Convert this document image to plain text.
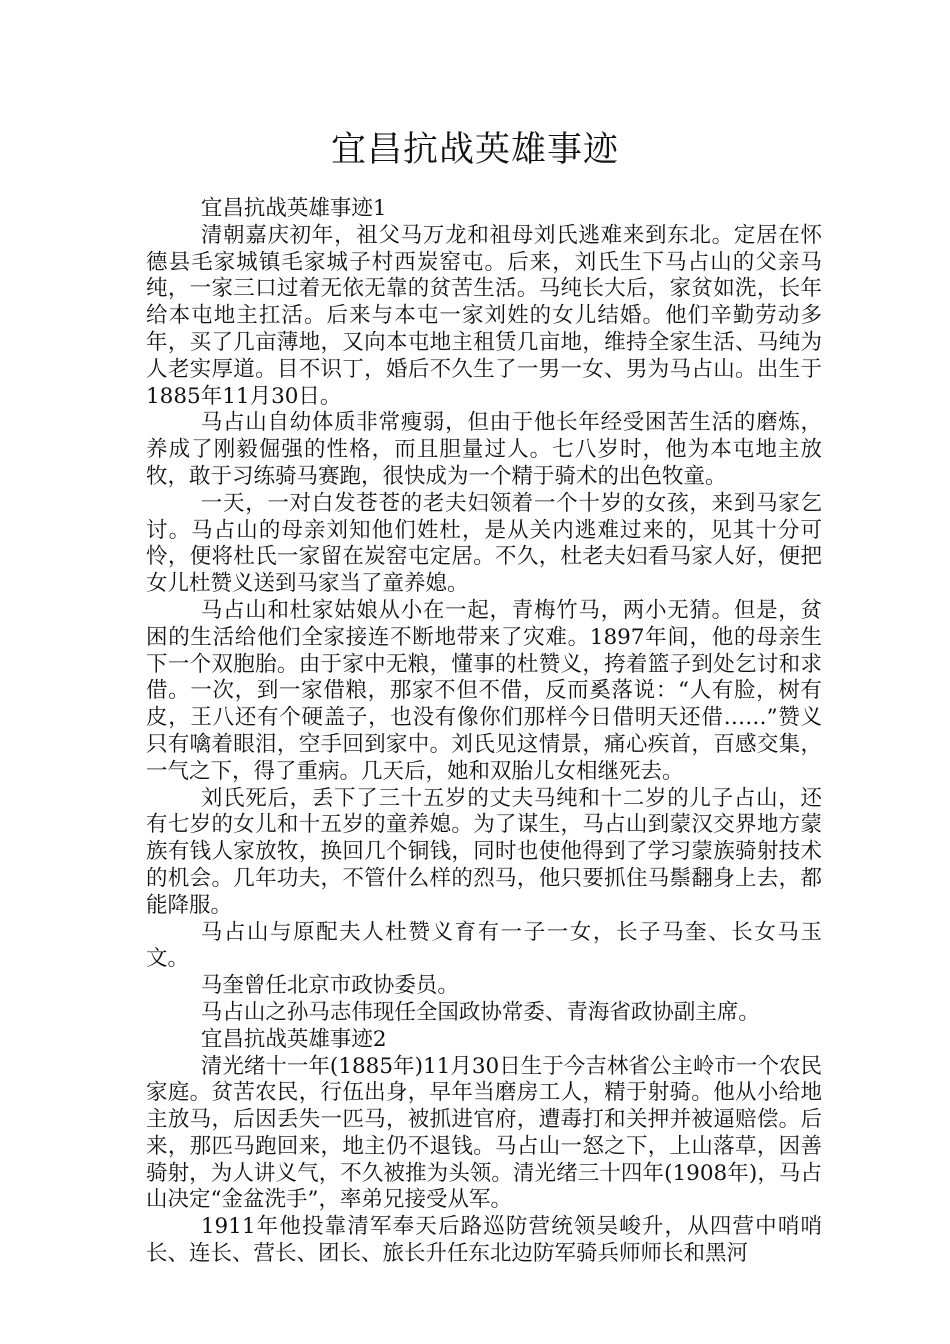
宜昌抗战英雄事迹

宜昌抗战英雄事迹1

清朝嘉庆初年，祖父马万龙和祖母刘氏逃难来到东北。定居在怀德县毛家城镇毛家城子村西炭窑屯。后来，刘氏生下马占山的父亲马纯，一家三口过着无依无靠的贫苦生活。马纯长大后，家贫如洗，长年给本屯地主扛活。后来与本屯一家刘姓的女儿结婚。他们辛勤劳动多年，买了几亩薄地，又向本屯地主租赁几亩地，维持全家生活、马纯为人老实厚道。目不识丁，婚后不久生了一男一女、男为马占山。出生于1885年11月30日。

马占山自幼体质非常瘦弱，但由于他长年经受困苦生活的磨炼，养成了刚毅倔强的性格，而且胆量过人。七八岁时，他为本屯地主放牧，敢于习练骑马赛跑，很快成为一个精于骑术的出色牧童。

一天，一对白发苍苍的老夫妇领着一个十岁的女孩，来到马家乞讨。马占山的母亲刘知他们姓杜，是从关内逃难过来的，见其十分可怜，便将杜氏一家留在炭窑屯定居。不久，杜老夫妇看马家人好，便把女儿杜赞义送到马家当了童养媳。

马占山和杜家姑娘从小在一起，青梅竹马，两小无猜。但是，贫困的生活给他们全家接连不断地带来了灾难。1897年间，他的母亲生下一个双胞胎。由于家中无粮，懂事的杜赞义，挎着篮子到处乞讨和求借。一次，到一家借粮，那家不但不借，反而奚落说：“人有脸，树有皮，王八还有个硬盖子，也没有像你们那样今日借明天还借……”赞义只有噙着眼泪，空手回到家中。刘氏见这情景，痛心疾首，百感交集，一气之下，得了重病。几天后，她和双胎儿女相继死去。

刘氏死后，丢下了三十五岁的丈夫马纯和十二岁的儿子占山，还有七岁的女儿和十五岁的童养媳。为了谋生，马占山到蒙汉交界地方蒙族有钱人家放牧，换回几个铜钱，同时也使他得到了学习蒙族骑射技术的机会。几年功夫，不管什么样的烈马，他只要抓住马鬃翻身上去，都能降服。

马占山与原配夫人杜赞义育有一子一女，长子马奎、长女马玉文。

马奎曾任北京市政协委员。

马占山之孙马志伟现任全国政协常委、青海省政协副主席。

宜昌抗战英雄事迹2

清光绪十一年(1885年)11月30日生于今吉林省公主岭市一个农民家庭。贫苦农民，行伍出身，早年当磨房工人，精于射骑。他从小给地主放马，后因丢失一匹马，被抓进官府，遭毒打和关押并被逼赔偿。后来，那匹马跑回来，地主仍不退钱。马占山一怒之下，上山落草，因善骑射，为人讲义气，不久被推为头领。清光绪三十四年(1908年)，马占山决定“金盆洗手”，率弟兄接受从军。

1911年他投靠清军奉天后路巡防营统领吴峻升，从四营中哨哨长、连长、营长、团长、旅长升任东北边防军骑兵师师长和黑河
